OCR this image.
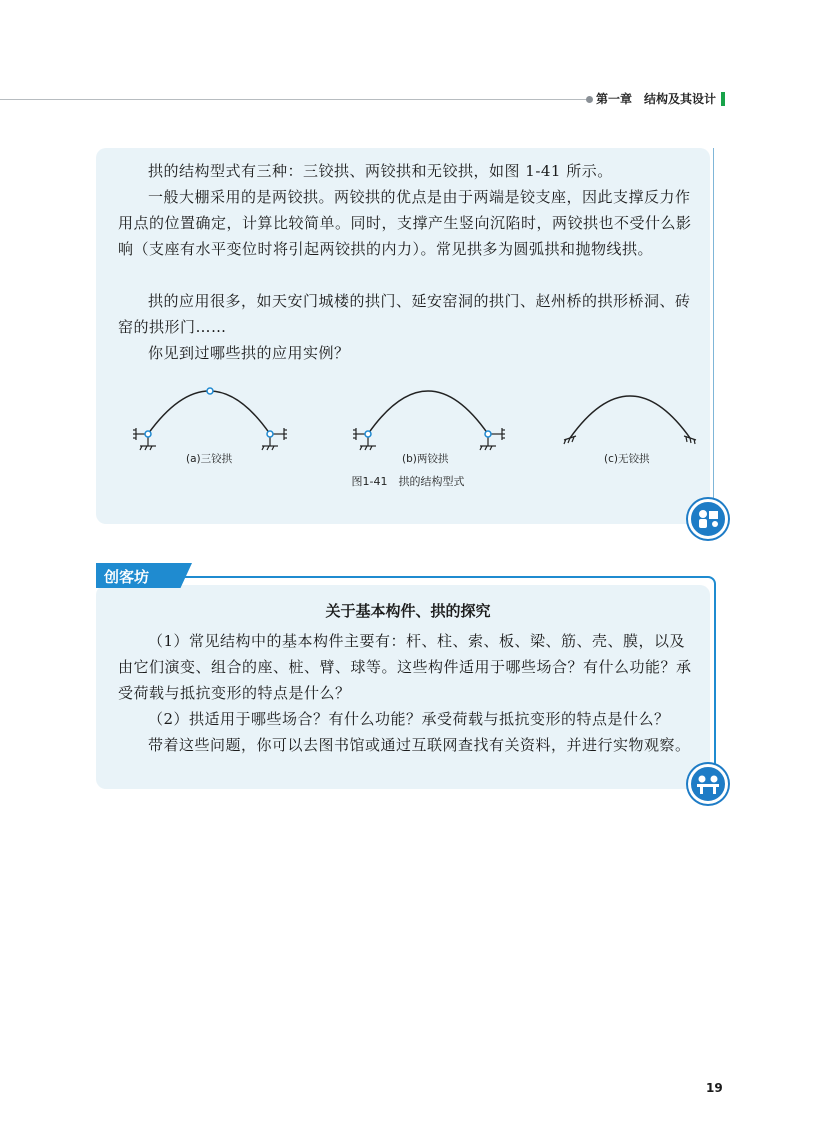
第一章 结构及其设计

拱的结构型式有三种：三铰拱、两铰拱和无铰拱，如图 1-41 所示。

一般大棚采用的是两铰拱。两铰拱的优点是由于两端是铰支座，因此支撑反力作用点的位置确定，计算比较简单。同时，支撑产生竖向沉陷时，两铰拱也不受什么影响（支座有水平变位时将引起两铰拱的内力）。常见拱多为圆弧拱和抛物线拱。

拱的应用很多，如天安门城楼的拱门、延安窑洞的拱门、赵州桥的拱形桥洞、砖窑的拱形门……

你见到过哪些拱的应用实例？

(a)三铰拱	(b)两铰拱	(c)无铰拱
图1-41　拱的结构型式
创客坊
关于基本构件、拱的探究

（1）常见结构中的基本构件主要有：杆、柱、索、板、梁、筋、壳、膜，以及由它们演变、组合的座、桩、臂、球等。这些构件适用于哪些场合？有什么功能？承受荷载与抵抗变形的特点是什么？

（2）拱适用于哪些场合？有什么功能？承受荷载与抵抗变形的特点是什么？

带着这些问题，你可以去图书馆或通过互联网查找有关资料，并进行实物观察。

19
